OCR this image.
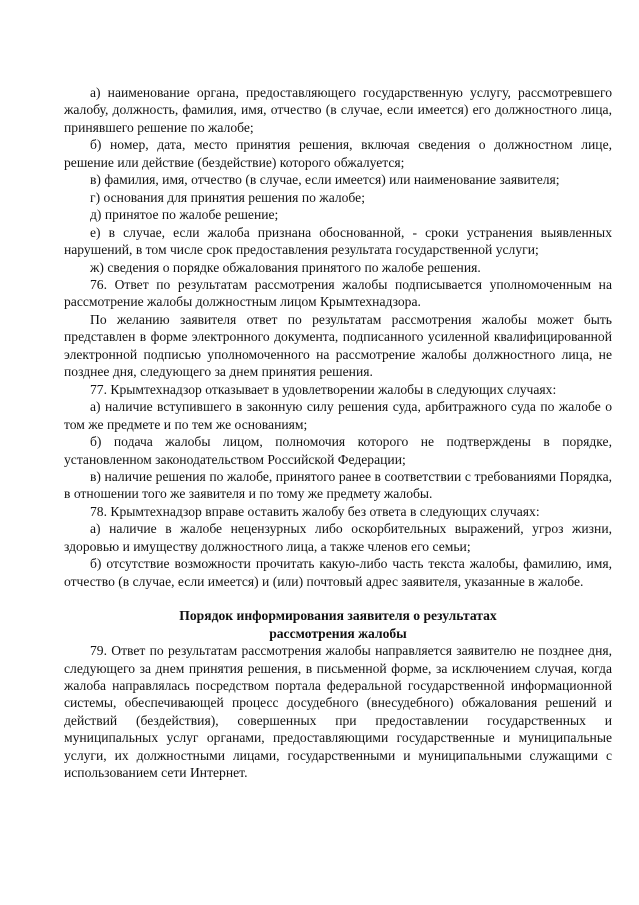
а) наименование органа, предоставляющего государственную услугу, рассмотревшего жалобу, должность, фамилия, имя, отчество (в случае, если имеется) его должностного лица, принявшего решение по жалобе;

б) номер, дата, место принятия решения, включая сведения о должностном лице, решение или действие (бездействие) которого обжалуется;

в) фамилия, имя, отчество (в случае, если имеется) или наименование заявителя;

г) основания для принятия решения по жалобе;

д) принятое по жалобе решение;

е) в случае, если жалоба признана обоснованной, - сроки устранения выявленных нарушений, в том числе срок предоставления результата государственной услуги;

ж) сведения о порядке обжалования принятого по жалобе решения.

76. Ответ по результатам рассмотрения жалобы подписывается уполномоченным на рассмотрение жалобы должностным лицом Крымтехнадзора.

По желанию заявителя ответ по результатам рассмотрения жалобы может быть представлен в форме электронного документа, подписанного усиленной квалифицированной электронной подписью уполномоченного на рассмотрение жалобы должностного лица, не позднее дня, следующего за днем принятия решения.

77. Крымтехнадзор отказывает в удовлетворении жалобы в следующих случаях:

а) наличие вступившего в законную силу решения суда, арбитражного суда по жалобе о том же предмете и по тем же основаниям;

б) подача жалобы лицом, полномочия которого не подтверждены в порядке, установленном законодательством Российской Федерации;

в) наличие решения по жалобе, принятого ранее в соответствии с требованиями Порядка, в отношении того же заявителя и по тому же предмету жалобы.

78. Крымтехнадзор вправе оставить жалобу без ответа в следующих случаях:

а) наличие в жалобе нецензурных либо оскорбительных выражений, угроз жизни, здоровью и имуществу должностного лица, а также членов его семьи;

б) отсутствие возможности прочитать какую-либо часть текста жалобы, фамилию, имя, отчество (в случае, если имеется) и (или) почтовый адрес заявителя, указанные в жалобе.

Порядок информирования заявителя о результатах
рассмотрения жалобы

79. Ответ по результатам рассмотрения жалобы направляется заявителю не позднее дня, следующего за днем принятия решения, в письменной форме, за исключением случая, когда жалоба направлялась посредством портала федеральной государственной информационной системы, обеспечивающей процесс досудебного (внесудебного) обжалования решений и действий (бездействия), совершенных при предоставлении государственных и муниципальных услуг органами, предоставляющими государственные и муниципальные услуги, их должностными лицами, государственными и муниципальными служащими с использованием сети Интернет.
